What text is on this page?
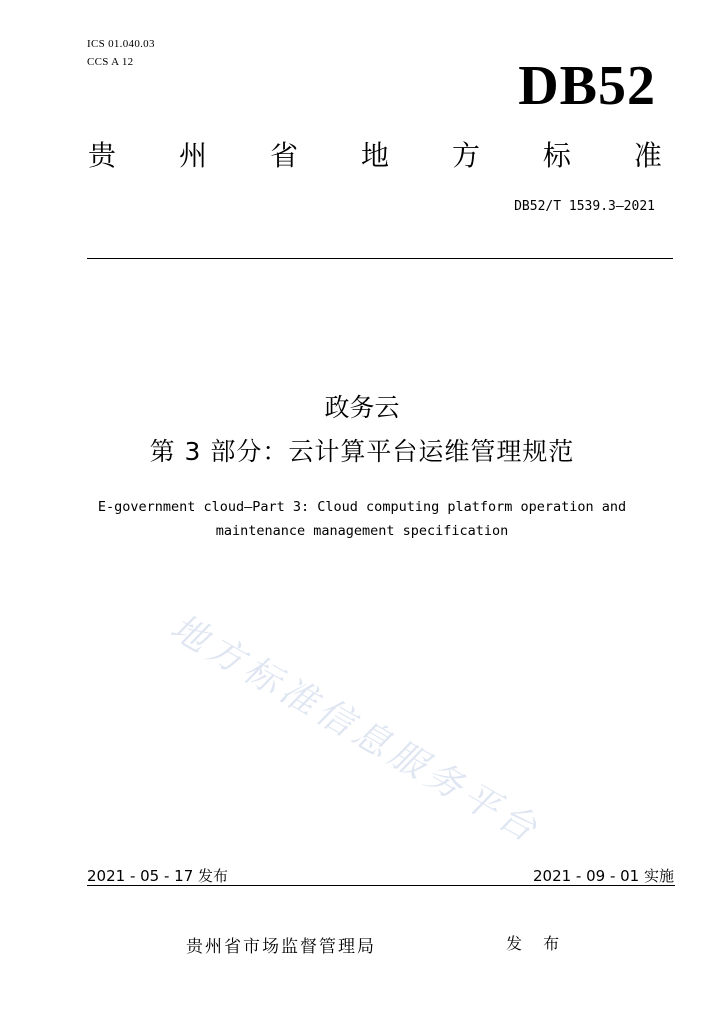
ICS 01.040.03
CCS A 12	DB52
贵 州 省 地 方 标 准
DB52/T 1539.3—2021
政务云
第 3 部分：云计算平台运维管理规范
E-government cloud—Part 3: Cloud computing platform operation and
maintenance management specification
地方标准信息服务平台
2021 - 05 - 17 发布	2021 - 09 - 01 实施
贵州省市场监督管理局	发 布
